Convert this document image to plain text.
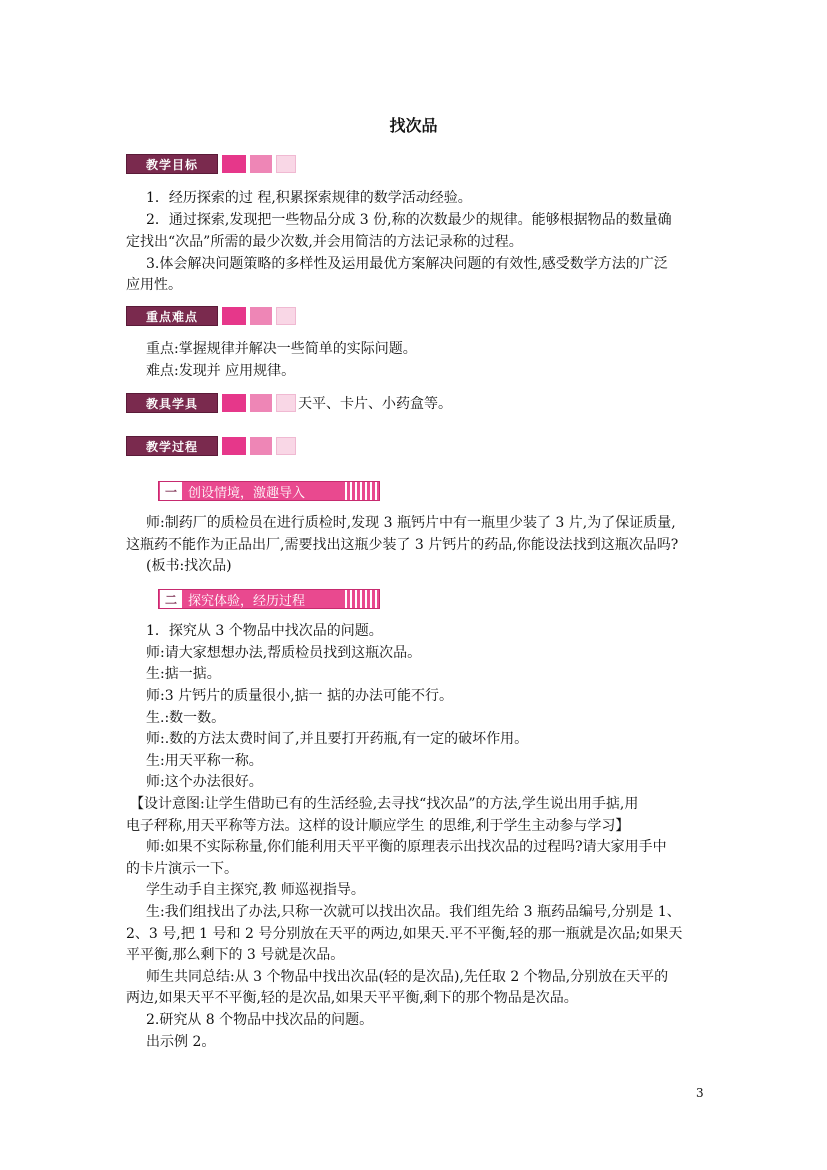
找次品
教学目标
1．经历探索的过 程,积累探索规律的数学活动经验。
2．通过探索,发现把一些物品分成 3 份,称的次数最少的规律。能够根据物品的数量确
定找出“次品”所需的最少次数,并会用简洁的方法记录称的过程。
3.体会解决问题策略的多样性及运用最优方案解决问题的有效性,感受数学方法的广泛
应用性。
重点难点
重点:掌握规律并解决一些简单的实际问题。
难点:发现并 应用规律。
教具学具	天平、卡片、小药盒等。
教学过程
一 创设情境，激趣导入
师:制药厂的质检员在进行质检时,发现 3 瓶钙片中有一瓶里少装了 3 片,为了保证质量,
这瓶药不能作为正品出厂,需要找出这瓶少装了 3 片钙片的药品,你能设法找到这瓶次品吗?
(板书:找次品)
二 探究体验，经历过程
1．探究从 3 个物品中找次品的问题。
师:请大家想想办法,帮质检员找到这瓶次品。
生:掂一掂。
师:3 片钙片的质量很小,掂一 掂的办法可能不行。
生.:数一数。
师:.数的方法太费时间了,并且要打开药瓶,有一定的破坏作用。
生:用天平称一称。
师:这个办法很好。
【设计意图:让学生借助已有的生活经验,去寻找“找次品”的方法,学生说出用手掂,用
电子秤称,用天平称等方法。这样的设计顺应学生 的思维,利于学生主动参与学习】
师:如果不实际称量,你们能利用天平平衡的原理表示出找次品的过程吗?请大家用手中
的卡片演示一下。
学生动手自主探究,教 师巡视指导。
生:我们组找出了办法,只称一次就可以找出次品。我们组先给 3 瓶药品编号,分别是 1、
2、3 号,把 1 号和 2 号分别放在天平的两边,如果天.平不平衡,轻的那一瓶就是次品;如果天
平平衡,那么剩下的 3 号就是次品。
师生共同总结:从 3 个物品中找出次品(轻的是次品),先任取 2 个物品,分别放在天平的
两边,如果天平不平衡,轻的是次品,如果天平平衡,剩下的那个物品是次品。
2.研究从 8 个物品中找次品的问题。
出示例 2。
3
